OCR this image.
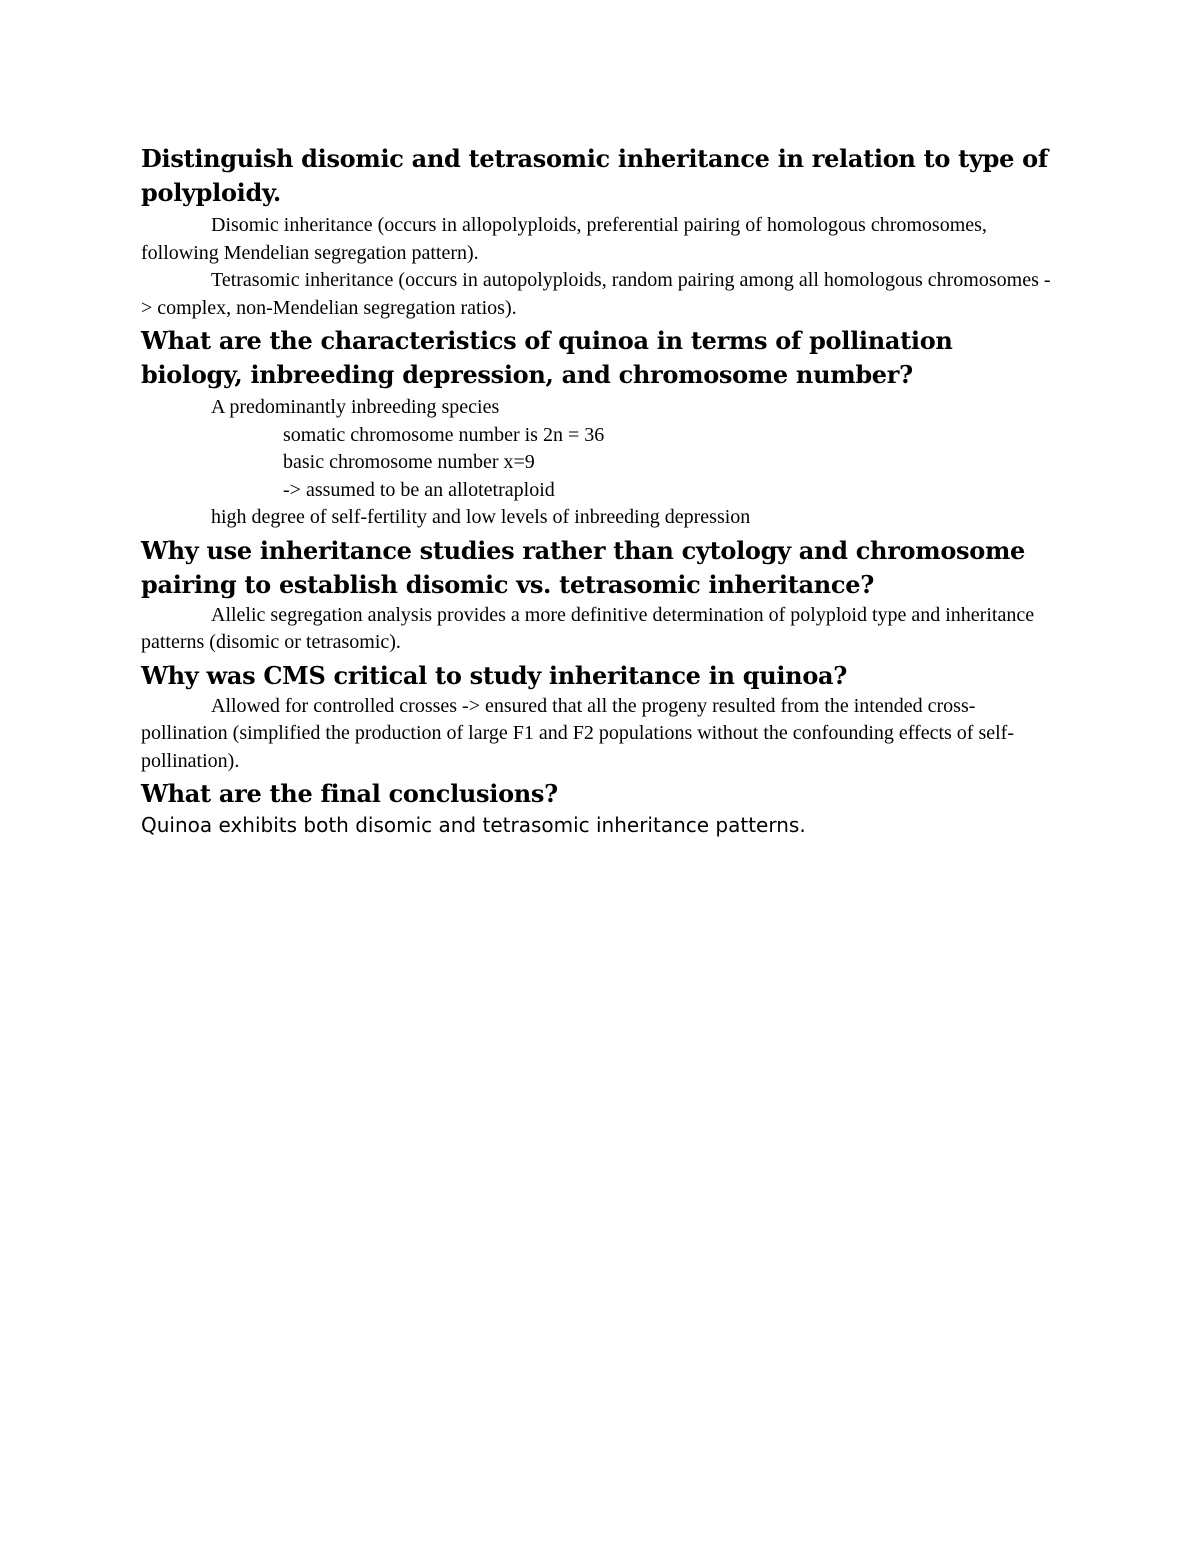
Distinguish disomic and tetrasomic inheritance in relation to type of polyploidy.

Disomic inheritance (occurs in allopolyploids, preferential pairing of homologous chromosomes, following Mendelian segregation pattern).

Tetrasomic inheritance (occurs in autopolyploids, random pairing among all homologous chromosomes -> complex, non-Mendelian segregation ratios).

What are the characteristics of quinoa in terms of pollination biology, inbreeding depression, and chromosome number?

A predominantly inbreeding species

somatic chromosome number is 2n = 36

basic chromosome number x=9

-> assumed to be an allotetraploid

high degree of self-fertility and low levels of inbreeding depression

Why use inheritance studies rather than cytology and chromosome pairing to establish disomic vs. tetrasomic inheritance?

Allelic segregation analysis provides a more definitive determination of polyploid type and inheritance patterns (disomic or tetrasomic).

Why was CMS critical to study inheritance in quinoa?

Allowed for controlled crosses -> ensured that all the progeny resulted from the intended cross-pollination (simplified the production of large F1 and F2 populations without the confounding effects of self-pollination).

What are the final conclusions?

Quinoa exhibits both disomic and tetrasomic inheritance patterns.
